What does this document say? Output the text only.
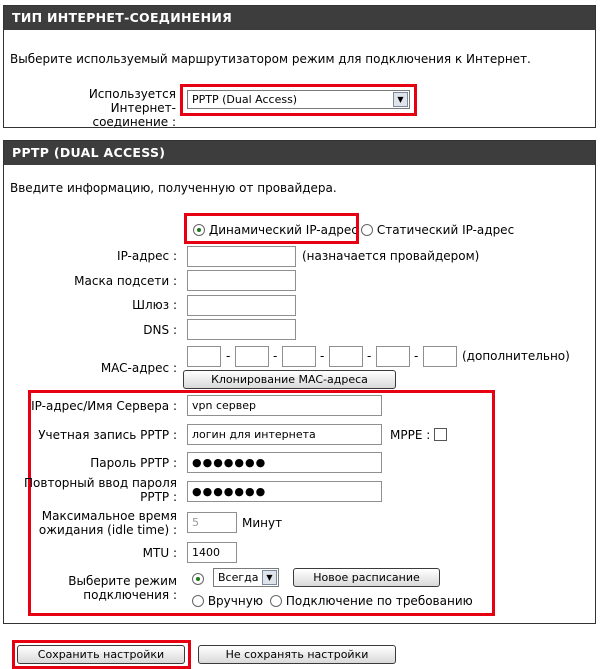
ТИП ИНТЕРНЕТ-СОЕДИНЕНИЯ
Выберите используемый маршрутизатором режим для подключения к Интернет.
Используется Интернет-
соединение :
PPTP (Dual Access)	▼
PPTP (DUAL ACCESS)
Введите информацию, полученную от провайдера.
Динамический IP-адрес	Статический IP-адрес
IP-адрес :	(назначается провайдером)
Маска подсети :
Шлюз :
DNS :
MAC-адрес :
-	-	-	-	-	(дополнительно)
Клонирование MAC-адреса
IP-адрес/Имя Сервера :
vpn сервер
Учетная запись PPTP :
логин для интернета	MPPE :
Пароль PPTP :
●●●●●●●
Повторный ввод пароля
PPTP :
●●●●●●●
Максимальное время
ожидания (idle time) :
5	Минут
MTU :
1400
Выберите режим
подключения :
Всегда ▼	Новое расписание
Вручную	Подключение по требованию
Сохранить настройки	Не сохранять настройки
